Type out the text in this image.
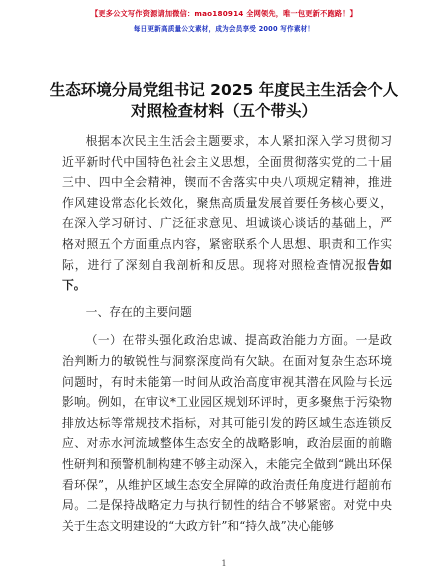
【更多公文写作资源请加微信：mao180914 全网领先，唯一包更新不跑路！】
每日更新高质量公文素材，成为会员享受 2000 写作素材！
生态环境分局党组书记 2025 年度民主生活会个人对照检查材料（五个带头）

根据本次民主生活会主题要求，本人紧扣深入学习贯彻习近平新时代中国特色社会主义思想，全面贯彻落实党的二十届三中、四中全会精神，锲而不舍落实中央八项规定精神，推进作风建设常态化长效化，聚焦高质量发展首要任务核心要义，在深入学习研讨、广泛征求意见、坦诚谈心谈话的基础上，严格对照五个方面重点内容，紧密联系个人思想、职责和工作实际，进行了深刻自我剖析和反思。现将对照检查情况报告如下。

一、存在的主要问题

（一）在带头强化政治忠诚、提高政治能力方面。一是政治判断力的敏锐性与洞察深度尚有欠缺。在面对复杂生态环境问题时，有时未能第一时间从政治高度审视其潜在风险与长远影响。例如，在审议*工业园区规划环评时，更多聚焦于污染物排放达标等常规技术指标，对其可能引发的跨区域生态连锁反应、对赤水河流域整体生态安全的战略影响，政治层面的前瞻性研判和预警机制构建不够主动深入，未能完全做到“跳出环保看环保”，从维护区域生态安全屏障的政治责任角度进行超前布局。二是保持战略定力与执行韧性的结合不够紧密。对党中央关于生态文明建设的“大政方针”和“持久战”决心能够

1
